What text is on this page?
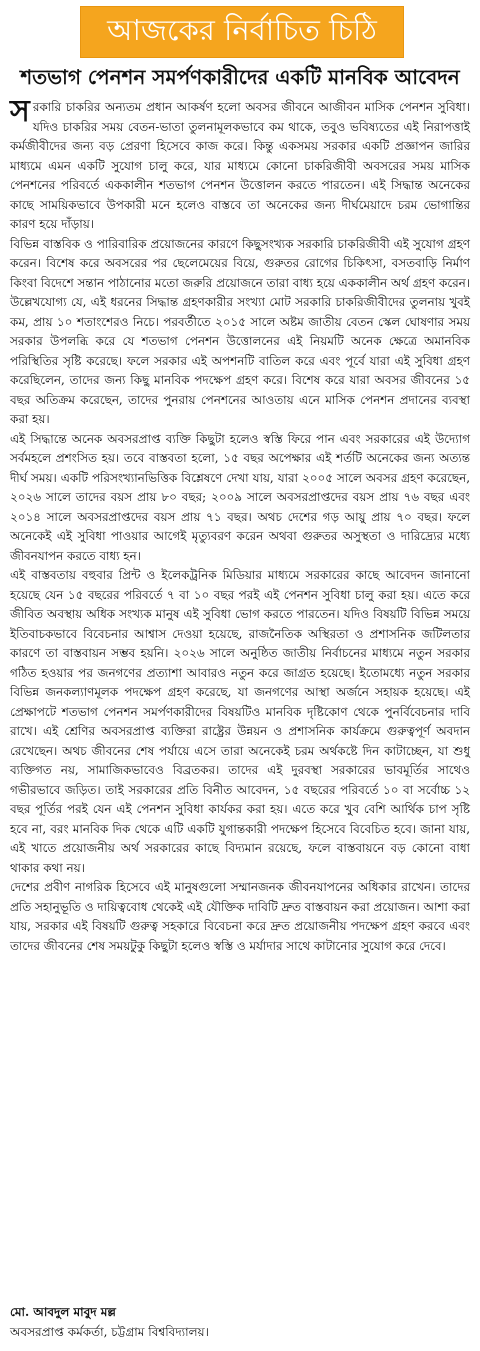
আজকের নির্বাচিত চিঠি
শতভাগ পেনশন সমর্পণকারীদের একটি মানবিক আবেদন

সরকারি চাকরির অন্যতম প্রধান আকর্ষণ হলো অবসর জীবনে আজীবন মাসিক পেনশন সুবিধা। যদিও চাকরির সময় বেতন-ভাতা তুলনামূলকভাবে কম থাকে, তবুও ভবিষ্যতের এই নিরাপত্তাই কর্মজীবীদের জন্য বড় প্রেরণা হিসেবে কাজ করে। কিন্তু একসময় সরকার একটি প্রজ্ঞাপন জারির মাধ্যমে এমন একটি সুযোগ চালু করে, যার মাধ্যমে কোনো চাকরিজীবী অবসরের সময় মাসিক পেনশনের পরিবর্তে এককালীন শতভাগ পেনশন উত্তোলন করতে পারতেন। এই সিদ্ধান্ত অনেকের কাছে সাময়িকভাবে উপকারী মনে হলেও বাস্তবে তা অনেকের জন্য দীর্ঘমেয়াদে চরম ভোগান্তির কারণ হয়ে দাঁড়ায়।

বিভিন্ন বাস্তবিক ও পারিবারিক প্রয়োজনের কারণে কিছুসংখ্যক সরকারি চাকরিজীবী এই সুযোগ গ্রহণ করেন। বিশেষ করে অবসরের পর ছেলেমেয়ের বিয়ে, গুরুতর রোগের চিকিৎসা, বসতবাড়ি নির্মাণ কিংবা বিদেশে সন্তান পাঠানোর মতো জরুরি প্রয়োজনে তারা বাধ্য হয়ে এককালীন অর্থ গ্রহণ করেন। উল্লেখযোগ্য যে, এই ধরনের সিদ্ধান্ত গ্রহণকারীর সংখ্যা মোট সরকারি চাকরিজীবীদের তুলনায় খুবই কম, প্রায় ১০ শতাংশেরও নিচে। পরবর্তীতে ২০১৫ সালে অষ্টম জাতীয় বেতন স্কেল ঘোষণার সময় সরকার উপলব্ধি করে যে শতভাগ পেনশন উত্তোলনের এই নিয়মটি অনেক ক্ষেত্রে অমানবিক পরিস্থিতির সৃষ্টি করেছে। ফলে সরকার এই অপশনটি বাতিল করে এবং পূর্বে যারা এই সুবিধা গ্রহণ করেছিলেন, তাদের জন্য কিছু মানবিক পদক্ষেপ গ্রহণ করে। বিশেষ করে যারা অবসর জীবনের ১৫ বছর অতিক্রম করেছেন, তাদের পুনরায় পেনশনের আওতায় এনে মাসিক পেনশন প্রদানের ব্যবস্থা করা হয়।

এই সিদ্ধান্তে অনেক অবসরপ্রাপ্ত ব্যক্তি কিছুটা হলেও স্বস্তি ফিরে পান এবং সরকারের এই উদ্যোগ সর্বমহলে প্রশংসিত হয়। তবে বাস্তবতা হলো, ১৫ বছর অপেক্ষার এই শর্তটি অনেকের জন্য অত্যন্ত দীর্ঘ সময়। একটি পরিসংখ্যানভিত্তিক বিশ্লেষণে দেখা যায়, যারা ২০০৫ সালে অবসর গ্রহণ করেছেন, ২০২৬ সালে তাদের বয়স প্রায় ৮০ বছর; ২০০৯ সালে অবসরপ্রাপ্তদের বয়স প্রায় ৭৬ বছর এবং ২০১৪ সালে অবসরপ্রাপ্তদের বয়স প্রায় ৭১ বছর। অথচ দেশের গড় আয়ু প্রায় ৭০ বছর। ফলে অনেকেই এই সুবিধা পাওয়ার আগেই মৃত্যুবরণ করেন অথবা গুরুতর অসুস্থতা ও দারিদ্র্যের মধ্যে জীবনযাপন করতে বাধ্য হন।

এই বাস্তবতায় বহুবার প্রিন্ট ও ইলেকট্রনিক মিডিয়ার মাধ্যমে সরকারের কাছে আবেদন জানানো হয়েছে যেন ১৫ বছরের পরিবর্তে ৭ বা ১০ বছর পরই এই পেনশন সুবিধা চালু করা হয়। এতে করে জীবিত অবস্থায় অধিক সংখ্যক মানুষ এই সুবিধা ভোগ করতে পারতেন। যদিও বিষয়টি বিভিন্ন সময়ে ইতিবাচকভাবে বিবেচনার আশ্বাস দেওয়া হয়েছে, রাজনৈতিক অস্থিরতা ও প্রশাসনিক জটিলতার কারণে তা বাস্তবায়ন সম্ভব হয়নি। ২০২৬ সালে অনুষ্ঠিত জাতীয় নির্বাচনের মাধ্যমে নতুন সরকার গঠিত হওয়ার পর জনগণের প্রত্যাশা আবারও নতুন করে জাগ্রত হয়েছে। ইতোমধ্যে নতুন সরকার বিভিন্ন জনকল্যাণমূলক পদক্ষেপ গ্রহণ করেছে, যা জনগণের আস্থা অর্জনে সহায়ক হয়েছে। এই প্রেক্ষাপটে শতভাগ পেনশন সমর্পণকারীদের বিষয়টিও মানবিক দৃষ্টিকোণ থেকে পুনর্বিবেচনার দাবি রাখে। এই শ্রেণির অবসরপ্রাপ্ত ব্যক্তিরা রাষ্ট্রের উন্নয়ন ও প্রশাসনিক কার্যক্রমে গুরুত্বপূর্ণ অবদান রেখেছেন। অথচ জীবনের শেষ পর্যায়ে এসে তারা অনেকেই চরম অর্থকষ্টে দিন কাটাচ্ছেন, যা শুধু ব্যক্তিগত নয়, সামাজিকভাবেও বিব্রতকর। তাদের এই দুরবস্থা সরকারের ভাবমূর্তির সাথেও গভীরভাবে জড়িত। তাই সরকারের প্রতি বিনীত আবেদন, ১৫ বছরের পরিবর্তে ১০ বা সর্বোচ্চ ১২ বছর পূর্তির পরই যেন এই পেনশন সুবিধা কার্যকর করা হয়। এতে করে খুব বেশি আর্থিক চাপ সৃষ্টি হবে না, বরং মানবিক দিক থেকে এটি একটি যুগান্তকারী পদক্ষেপ হিসেবে বিবেচিত হবে। জানা যায়, এই খাতে প্রয়োজনীয় অর্থ সরকারের কাছে বিদ্যমান রয়েছে, ফলে বাস্তবায়নে বড় কোনো বাধা থাকার কথা নয়।

দেশের প্রবীণ নাগরিক হিসেবে এই মানুষগুলো সম্মানজনক জীবনযাপনের অধিকার রাখেন। তাদের প্রতি সহানুভূতি ও দায়িত্ববোধ থেকেই এই যৌক্তিক দাবিটি দ্রুত বাস্তবায়ন করা প্রয়োজন। আশা করা যায়, সরকার এই বিষয়টি গুরুত্ব সহকারে বিবেচনা করে দ্রুত প্রয়োজনীয় পদক্ষেপ গ্রহণ করবে এবং তাদের জীবনের শেষ সময়টুকু কিছুটা হলেও স্বস্তি ও মর্যাদার সাথে কাটানোর সুযোগ করে দেবে।

মো. আবদুল মাবুদ মল্ল
অবসরপ্রাপ্ত কর্মকর্তা, চট্টগ্রাম বিশ্ববিদ্যালয়।
